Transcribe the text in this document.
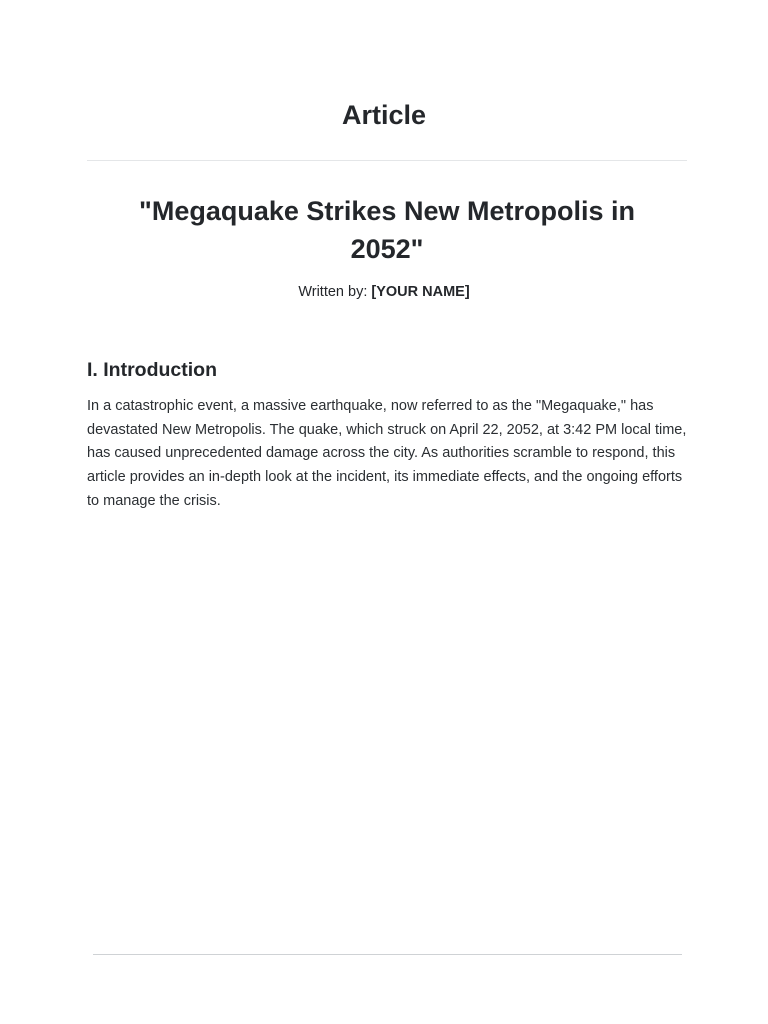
Article
"Megaquake Strikes New Metropolis in 2052"
Written by: [YOUR NAME]
I. Introduction

In a catastrophic event, a massive earthquake, now referred to as the "Megaquake," has devastated New Metropolis. The quake, which struck on April 22, 2052, at 3:42 PM local time, has caused unprecedented damage across the city. As authorities scramble to respond, this article provides an in-depth look at the incident, its immediate effects, and the ongoing efforts to manage the crisis.
